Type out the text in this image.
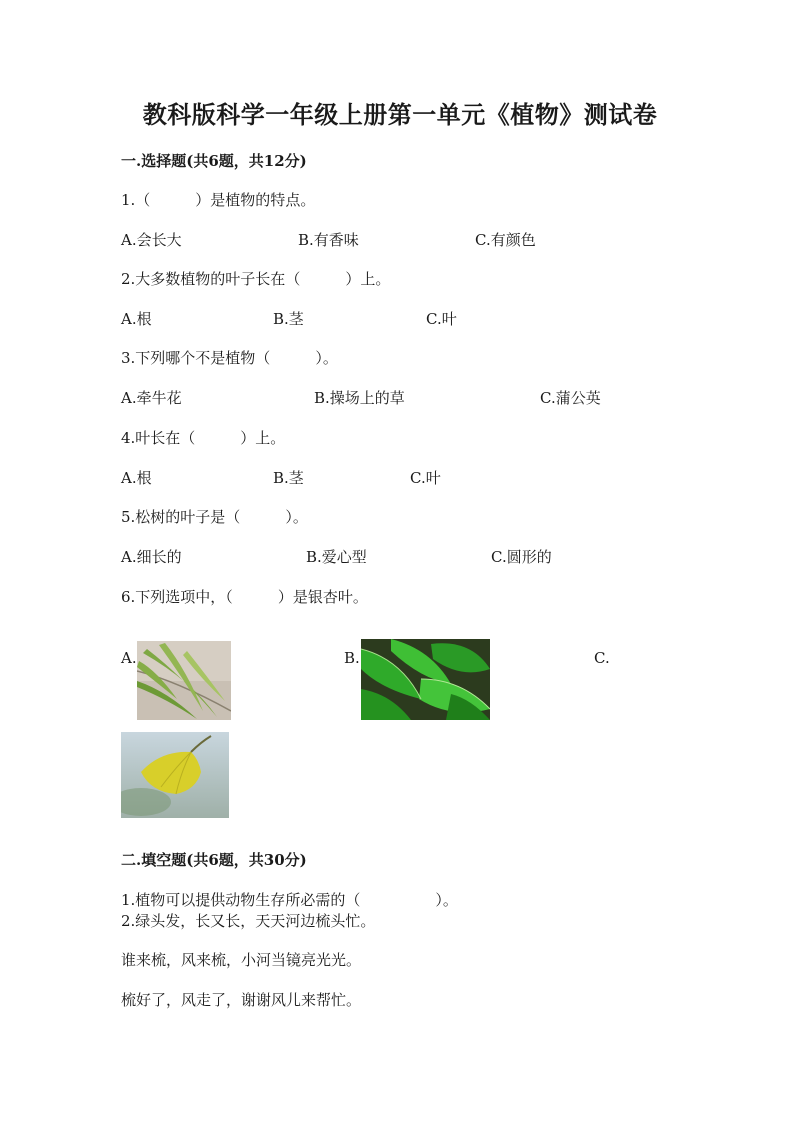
教科版科学一年级上册第一单元《植物》测试卷
一.选择题(共6题，共12分)
1.（　　　）是植物的特点。
A.会长大	B.有香味	C.有颜色
2.大多数植物的叶子长在（　　　）上。
A.根	B.茎	C.叶
3.下列哪个不是植物（　　　）。
A.牵牛花	B.操场上的草	C.蒲公英
4.叶长在（　　　）上。
A.根	B.茎	C.叶
5.松树的叶子是（　　　）。
A.细长的	B.爱心型	C.圆形的
6.下列选项中，（　　　）是银杏叶。
A.	B.	C.
二.填空题(共6题，共30分)
1.植物可以提供动物生存所必需的（　　　　　）。
2.绿头发，长又长，天天河边梳头忙。
谁来梳，风来梳，小河当镜亮光光。
梳好了，风走了，谢谢风儿来帮忙。
